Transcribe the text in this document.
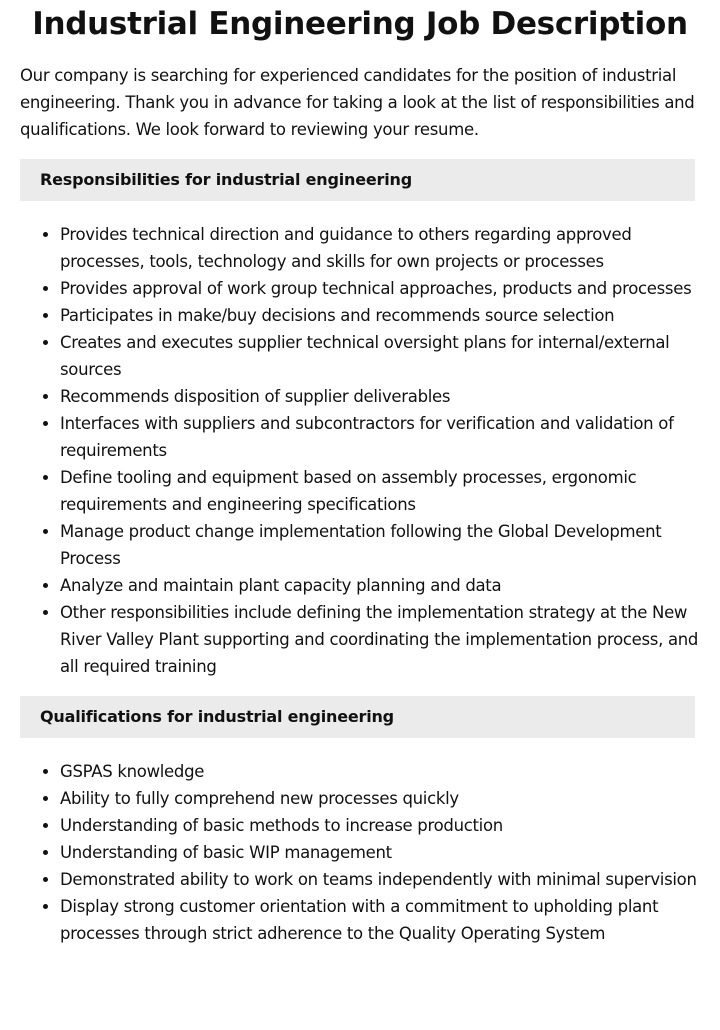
Industrial Engineering Job Description

Our company is searching for experienced candidates for the position of industrial engineering. Thank you in advance for taking a look at the list of responsibilities and qualifications. We look forward to reviewing your resume.

Responsibilities for industrial engineering
• Provides technical direction and guidance to others regarding approved processes, tools, technology and skills for own projects or processes
• Provides approval of work group technical approaches, products and processes
• Participates in make/buy decisions and recommends source selection
• Creates and executes supplier technical oversight plans for internal/external sources
• Recommends disposition of supplier deliverables
• Interfaces with suppliers and subcontractors for verification and validation of requirements
• Define tooling and equipment based on assembly processes, ergonomic requirements and engineering specifications
• Manage product change implementation following the Global Development Process
• Analyze and maintain plant capacity planning and data
• Other responsibilities include defining the implementation strategy at the New River Valley Plant supporting and coordinating the implementation process, and all required training
Qualifications for industrial engineering
• GSPAS knowledge
• Ability to fully comprehend new processes quickly
• Understanding of basic methods to increase production
• Understanding of basic WIP management
• Demonstrated ability to work on teams independently with minimal supervision
• Display strong customer orientation with a commitment to upholding plant processes through strict adherence to the Quality Operating System
